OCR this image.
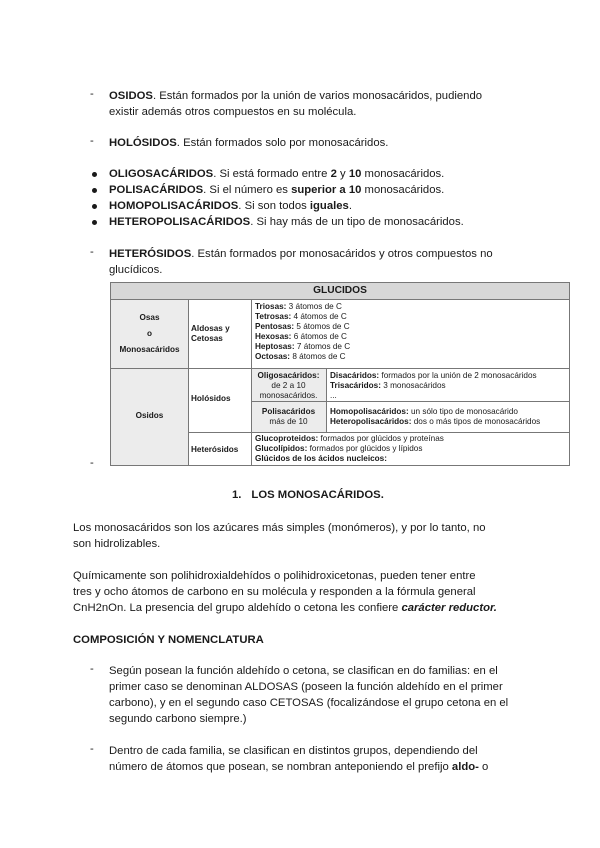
- OSIDOS. Están formados por la unión de varios monosacáridos, pudiendo
existir además otros compuestos en su molécula.
- HOLÓSIDOS. Están formados solo por monosacáridos.
OLIGOSACÁRIDOS. Si está formado entre 2 y 10 monosacáridos.
POLISACÁRIDOS. Si el número es superior a 10 monosacáridos.
HOMOPOLISACÁRIDOS. Si son todos iguales.
HETEROPOLISACÁRIDOS. Si hay más de un tipo de monosacáridos.
- HETERÓSIDOS. Están formados por monosacáridos y otros compuestos no
glucídicos.
GLUCIDOS
Osas
o
Monosacáridos
Aldosas y
Cetosas
Triosas: 3 átomos de C
Tetrosas: 4 átomos de C
Pentosas: 5 átomos de C
Hexosas: 6 átomos de C
Heptosas: 7 átomos de C
Octosas: 8 átomos de C
Osidos
Holósidos
Oligosacáridos:
de 2 a 10
monosacáridos.
Disacáridos: formados por la unión de 2 monosacáridos
Trisacáridos: 3 monosacáridos
...
Polisacáridos
más de 10
Homopolisacáridos: un sólo tipo de monosacárido
Heteropolisacáridos: dos o más tipos de monosacáridos
Heterósidos
Glucoproteidos: formados por glúcidos y proteínas
Glucolípidos: formados por glúcidos y lípidos
Glúcidos de los ácidos nucleicos:
-
1. LOS MONOSACÁRIDOS.
Los monosacáridos son los azúcares más simples (monómeros), y por lo tanto, no
son hidrolizables.
Químicamente son polihidroxialdehídos o polihidroxicetonas, pueden tener entre
tres y ocho átomos de carbono en su molécula y responden a la fórmula general
CnH2nOn. La presencia del grupo aldehído o cetona les confiere carácter reductor.
COMPOSICIÓN Y NOMENCLATURA
- Según posean la función aldehído o cetona, se clasifican en do familias: en el
primer caso se denominan ALDOSAS (poseen la función aldehído en el primer
carbono), y en el segundo caso CETOSAS (focalizándose el grupo cetona en el
segundo carbono siempre.)
- Dentro de cada familia, se clasifican en distintos grupos, dependiendo del
número de átomos que posean, se nombran anteponiendo el prefijo aldo- o
